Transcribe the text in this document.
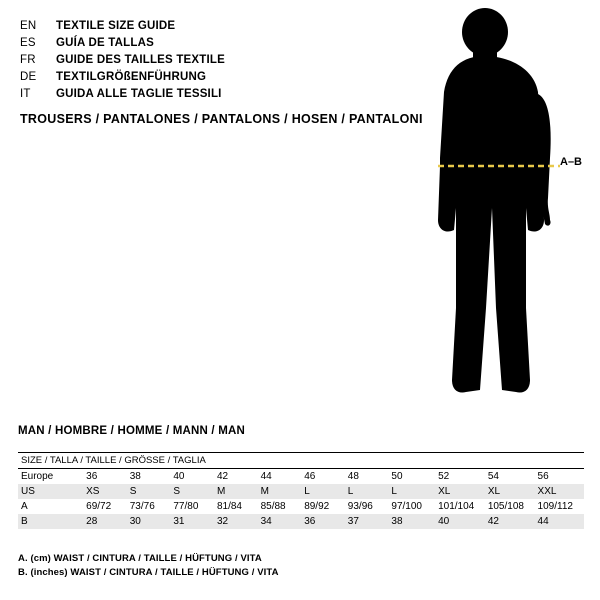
EN	TEXTILE SIZE GUIDE
ES	GUÍA DE TALLAS
FR	GUIDE DES TAILLES TEXTILE
DE	TEXTILGRÖßENFÜHRUNG
IT	GUIDA ALLE TAGLIE TESSILI
TROUSERS / PANTALONES / PANTALONS / HOSEN / PANTALONI
A–B
MAN / HOMBRE / HOMME / MANN / MAN
SIZE / TALLA / TAILLE / GRÖSSE / TAGLIA											
Europe	36	38	40	42	44	46	48	50	52	54	56
US	XS	S	S	M	M	L	L	L	XL	XL	XXL
A	69/72	73/76	77/80	81/84	85/88	89/92	93/96	97/100	101/104	105/108	109/112
B	28	30	31	32	34	36	37	38	40	42	44
A. (cm) WAIST / CINTURA / TAILLE / HÜFTUNG / VITA
B. (inches) WAIST / CINTURA / TAILLE / HÜFTUNG / VITA
